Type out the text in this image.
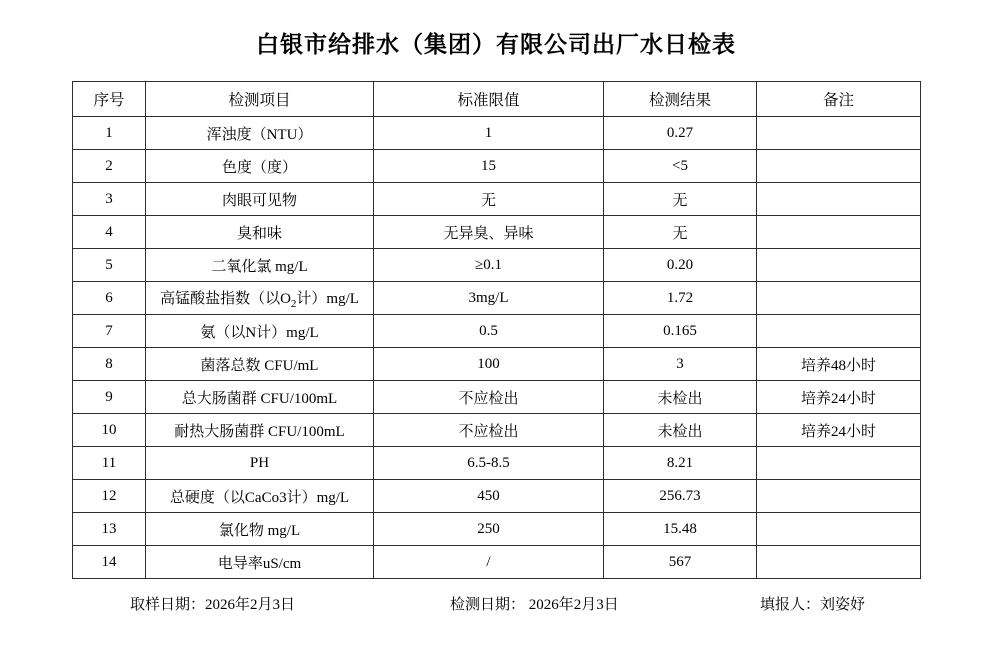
白银市给排水（集团）有限公司出厂水日检表
序号	检测项目	标准限值	检测结果	备注
1	浑浊度（NTU）	1	0.27	
2	色度（度）	15	<5	
3	肉眼可见物	无	无	
4	臭和味	无异臭、异味	无	
5	二氧化氯 mg/L	≥0.1	0.20	
6	高锰酸盐指数（以$O_2$计）mg/L	3mg/L	1.72	
7	氨（以N计）mg/L	0.5	0.165	
8	菌落总数 CFU/mL	100	3	培养48小时
9	总大肠菌群 CFU/100mL	不应检出	未检出	培养24小时
10	耐热大肠菌群 CFU/100mL	不应检出	未检出	培养24小时
11	PH	6.5-8.5	8.21	
12	总硬度（以CaCo3计）mg/L	450	256.73	
13	氯化物 mg/L	250	15.48	
14	电导率uS/cm	/	567	
取样日期：2026年2月3日	检测日期： 2026年2月3日	填报人：刘姿妤
